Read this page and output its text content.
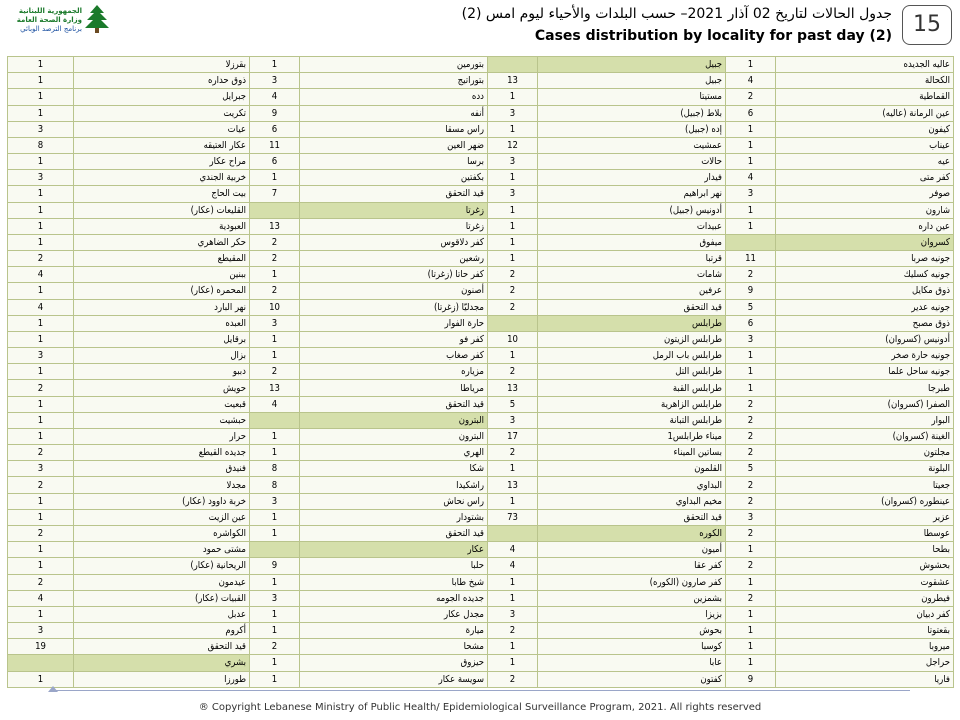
الجمهورية اللبنانية
وزارة الصحة العامة
برنامج الترصد الوبائي
جدول الحالات لتاريخ 02 آذار 2021– حسب البلدات والأحياء ليوم امس (2)
Cases distribution by locality for past day (2) 15
1	بقرزلا	1	بتورمين		جبيل	1	عاليه الجديده
1	ذوق حداره	3	بتوراتيج	13	جبيل	4	الكحالة
1	جبرايل	4	دده	1	مستيتا	2	القماطية
1	تكريت	9	أنفه	3	بلاط (جبيل)	6	عين الرمانة (عاليه)
3	عيات	6	راس مسقا	1	إده (جبيل)	1	كيفون
8	عكار العتيقه	11	ضهر العين	12	عمشيت	1	عيناب
1	مراح عكار	6	برسا	3	حالات	1	عيه
3	خربية الجندي	1	بكفتين	1	فيدار	4	كفر متى
1	بيت الحاج	7	قيد التحقق	3	نهر ابراهيم	3	صوفر
1	القليعات (عكار)		زغرتا	1	أدونيس (جبيل)	1	شارون
1	العبودية	13	زغرتا	1	عبيدات	1	عين داره
1	حكر الضاهري	2	كفر دلاقوس	1	ميفوق		كسروان
2	المقيطع	2	رشعين	1	قرتبا	11	جونيه صربا
4	ببنين	1	كفر حاتا (زغرتا)	2	شامات	2	جونيه كسليك
1	المحمره (عكار)	2	أصنون	2	عرفين	9	ذوق مكايل
4	نهر البارد	10	مجدليّا (زغرتا)	2	قيد التحقق	5	جونيه عدير
1	العبده	3	حارة الفوار		طرابلس	6	ذوق مصبح
1	برقايل	1	كفر فو	10	طرابلس الزيتون	3	أدونيس (كسروان)
3	بزال	1	كفر صغاب	1	طرابلس باب الرمل	1	جونيه حارة صخر
1	دببو	2	مزياره	2	طرابلس التل	1	جونيه ساحل علما
2	حويش	13	مرياطا	13	طرابلس القبة	1	طبرجا
1	قبعيت	4	قيد التحقق	5	طرابلس الزاهرية	2	الصفرا (كسروان)
1	حبشيت		البترون	3	طرابلس التبانة	2	البوار
1	حرار	1	البترون	17	ميناء طرابلس1	2	الغينة (كسروان)
2	جديده القيطع	1	الهري	2	بساتين الميناء	2	مجلتون
3	فنيدق	8	شكا	1	القلمون	5	البلونة
2	مجدلا	8	راشكيدا	13	البداوي	2	جعيتا
1	خربة داوود (عكار)	3	راس نحاش	1	مخيم البداوي	2	عينطوره (كسروان)
1	عين الزيت	1	بشتودار	73	قيد التحقق	3	عزير
2	الكواشره	1	قيد التحقق		الكوره	2	عوسطا
1	مشتى حمود		عكار	4	أميون	1	بطحا
1	الريحانية (عكار)	9	حلبا	4	كفر عقا	2	بحشوش
2	عيدمون	1	شيخ طابا	1	كفر صارون (الكوره)	1	عشقوت
4	القبيات (عكار)	3	جديده الجومه	1	بشمزين	2	فيطرون
1	عدبل	1	مجدل عكار	3	بزيزا	1	كفر دبيان
3	أكروم	1	ميارة	2	بحوش	1	بقعتوتا
19	قيد التحقق	2	مشحا	1	كوسبا	1	ميروبا
	بشري	1	حيزوق	1	عابا	1	حراجل
1	طورزا	1	سويسة عكار	2	كفتون	9	فاريا
® Copyright Lebanese Ministry of Public Health/ Epidemiological Surveillance Program, 2021. All rights reserved
